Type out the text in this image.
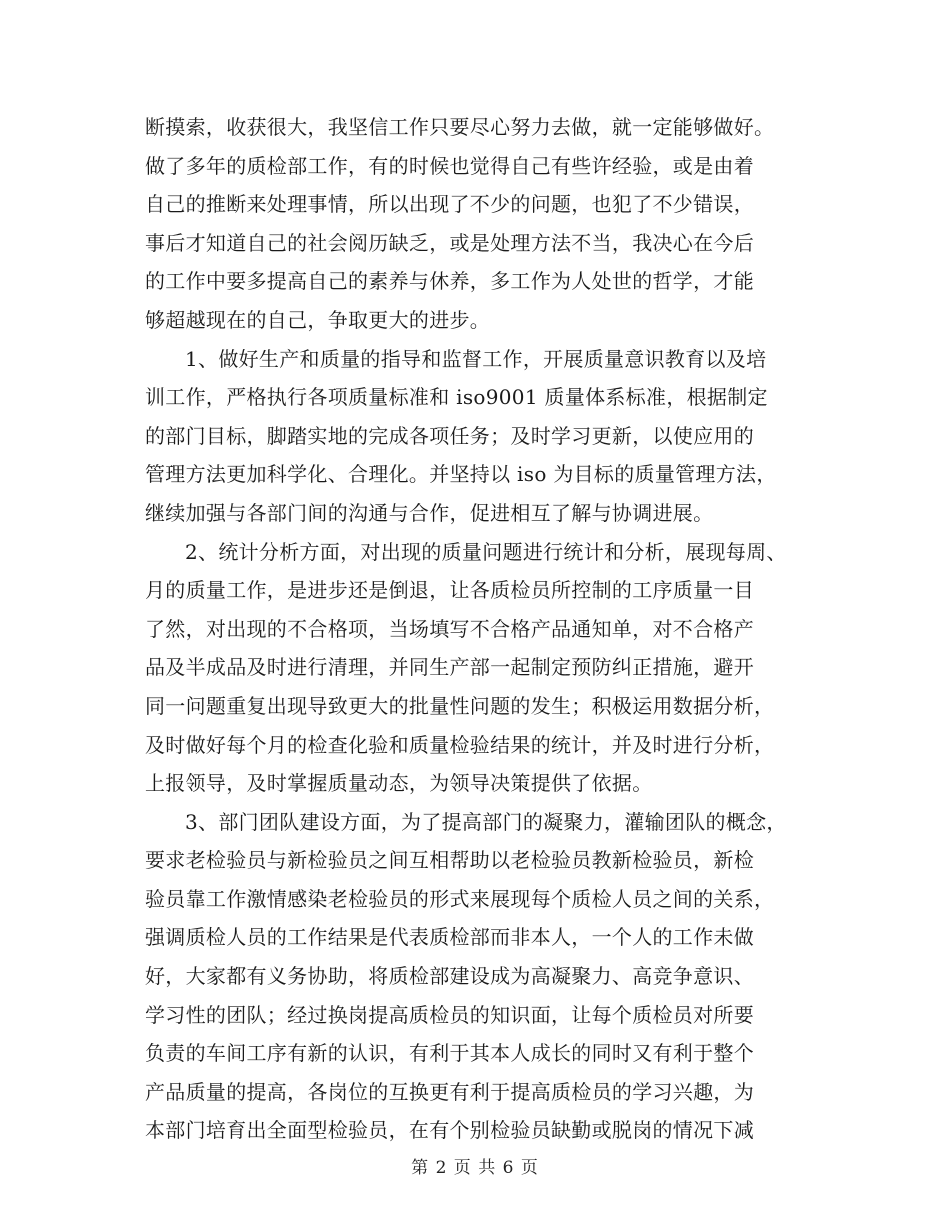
断摸索，收获很大，我坚信工作只要尽心努力去做，就一定能够做好。
做了多年的质检部工作，有的时候也觉得自己有些许经验，或是由着
自己的推断来处理事情，所以出现了不少的问题，也犯了不少错误，
事后才知道自己的社会阅历缺乏，或是处理方法不当，我决心在今后
的工作中要多提高自己的素养与休养，多工作为人处世的哲学，才能
够超越现在的自己，争取更大的进步。
1、做好生产和质量的指导和监督工作，开展质量意识教育以及培
训工作，严格执行各项质量标准和 iso9001 质量体系标准，根据制定
的部门目标，脚踏实地的完成各项任务；及时学习更新，以使应用的
管理方法更加科学化、合理化。并坚持以 iso 为目标的质量管理方法，
继续加强与各部门间的沟通与合作，促进相互了解与协调进展。
2、统计分析方面，对出现的质量问题进行统计和分析，展现每周、
月的质量工作，是进步还是倒退，让各质检员所控制的工序质量一目
了然，对出现的不合格项，当场填写不合格产品通知单，对不合格产
品及半成品及时进行清理，并同生产部一起制定预防纠正措施，避开
同一问题重复出现导致更大的批量性问题的发生；积极运用数据分析，
及时做好每个月的检查化验和质量检验结果的统计，并及时进行分析，
上报领导，及时掌握质量动态，为领导决策提供了依据。
3、部门团队建设方面，为了提高部门的凝聚力，灌输团队的概念，
要求老检验员与新检验员之间互相帮助以老检验员教新检验员，新检
验员靠工作激情感染老检验员的形式来展现每个质检人员之间的关系，
强调质检人员的工作结果是代表质检部而非本人，一个人的工作未做
好，大家都有义务协助，将质检部建设成为高凝聚力、高竞争意识、
学习性的团队；经过换岗提高质检员的知识面，让每个质检员对所要
负责的车间工序有新的认识，有利于其本人成长的同时又有利于整个
产品质量的提高，各岗位的互换更有利于提高质检员的学习兴趣，为
本部门培育出全面型检验员，在有个别检验员缺勤或脱岗的情况下减
第 2 页 共 6 页
